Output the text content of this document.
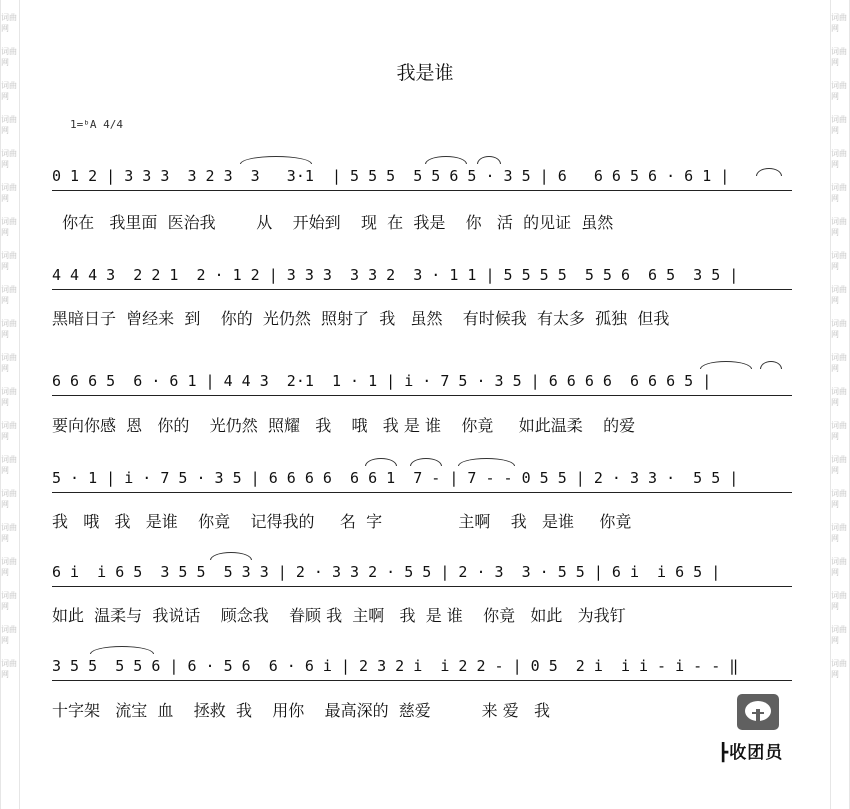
词曲网
词曲网
词曲网
词曲网
词曲网
词曲网
词曲网
词曲网
词曲网
词曲网
词曲网
词曲网
词曲网
词曲网
词曲网
词曲网
词曲网
词曲网
词曲网
词曲网
词曲网
词曲网
词曲网
词曲网
词曲网
词曲网
词曲网
词曲网
词曲网
词曲网
词曲网
词曲网
词曲网
词曲网
词曲网
词曲网
词曲网
词曲网
词曲网
词曲网
我是谁
1=ᵇA 4/4
0 1 2 | 3 3 3  3 2 3  3   3·1  | 5 5 5  5 5 6 5 · 3 5 | 6   6 6 5 6 · 6 1 |
你在   我里面  医治我        从    开始到    现  在  我是    你   活  的见证  虽然
4 4 4 3  2 2 1  2 · 1 2 | 3 3 3  3 3 2  3 · 1 1 | 5 5 5 5  5 5 6  6 5  3 5 |
黑暗日子  曾经来  到    你的  光仍然  照射了  我   虽然    有时候我  有太多  孤独  但我
6 6 6 5  6 · 6 1 | 4 4 3  2·1  1 · 1 | i · 7 5 · 3 5 | 6 6 6 6  6 6 6 5 |
要向你感  恩   你的    光仍然  照耀   我    哦   我 是 谁    你竟     如此温柔    的爱
5 · 1 | i · 7 5 · 3 5 | 6 6 6 6  6 6 1  7 - | 7 - - 0 5 5 | 2 · 3 3 ·  5 5 |
我   哦   我   是谁    你竟    记得我的     名  字               主啊    我   是谁     你竟
6 i  i 6 5  3 5 5  5 3 3 | 2 · 3 3 2 · 5 5 | 2 · 3  3 · 5 5 | 6 i  i 6 5 |
如此  温柔与  我说话    顾念我    眷顾 我  主啊   我  是 谁    你竟   如此   为我钉
3 5 5  5 5 6 | 6 · 5 6  6 · 6 i | 2 3 2 i  i 2 2 - | 0 5  2 i  i i - i - - ‖
十字架   流宝  血    拯救  我    用你    最高深的  慈爱          来 爱   我
┣收团员
